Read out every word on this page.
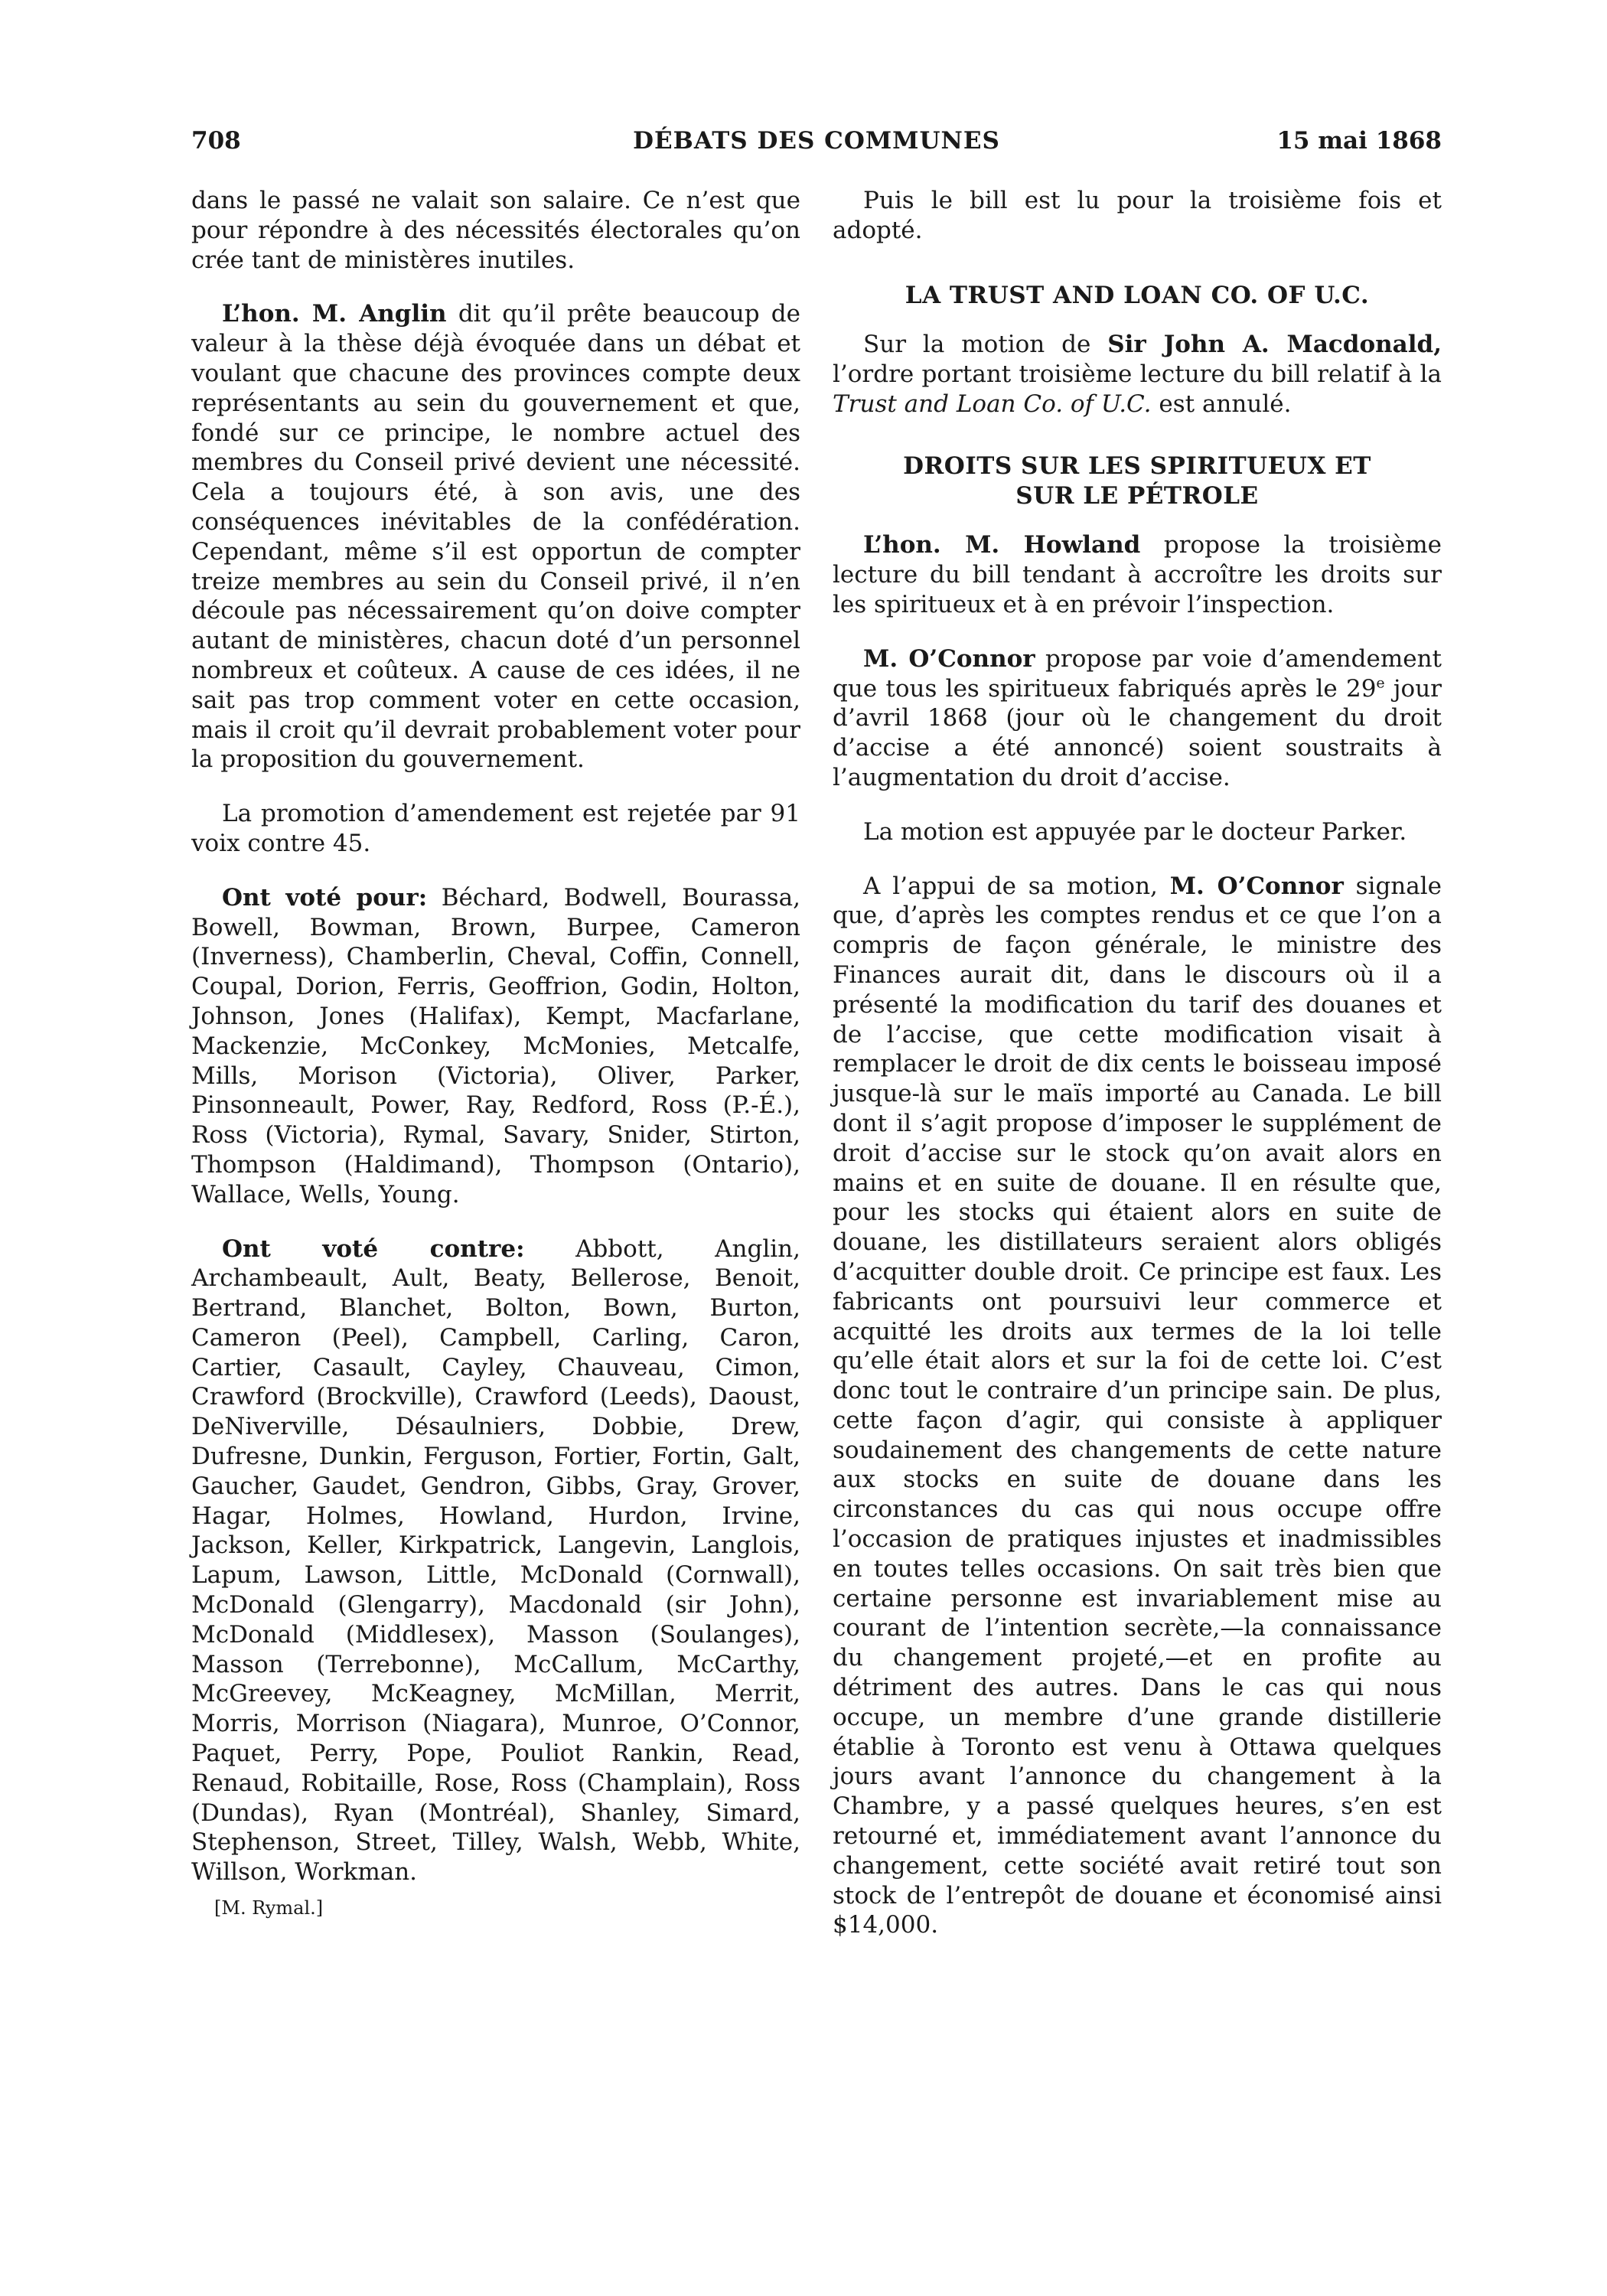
708	DÉBATS DES COMMUNES	15 mai 1868

dans le passé ne valait son salaire. Ce n’est que pour répondre à des nécessités électorales qu’on crée tant de ministères inutiles.

L’hon. M. Anglin dit qu’il prête beaucoup de valeur à la thèse déjà évoquée dans un débat et voulant que chacune des provinces compte deux représentants au sein du gouvernement et que, fondé sur ce principe, le nombre actuel des membres du Conseil privé devient une nécessité. Cela a toujours été, à son avis, une des conséquences inévitables de la confédération. Cependant, même s’il est opportun de compter treize membres au sein du Conseil privé, il n’en découle pas nécessairement qu’on doive compter autant de ministères, chacun doté d’un personnel nombreux et coûteux. A cause de ces idées, il ne sait pas trop comment voter en cette occasion, mais il croit qu’il devrait probablement voter pour la proposition du gouvernement.

La promotion d’amendement est rejetée par 91 voix contre 45.

Ont voté pour: Béchard, Bodwell, Bourassa, Bowell, Bowman, Brown, Burpee, Cameron (Inverness), Chamberlin, Cheval, Coffin, Connell, Coupal, Dorion, Ferris, Geoffrion, Godin, Holton, Johnson, Jones (Halifax), Kempt, Macfarlane, Mackenzie, McConkey, McMonies, Metcalfe, Mills, Morison (Victoria), Oliver, Parker, Pinsonneault, Power, Ray, Redford, Ross (P.-É.), Ross (Victoria), Rymal, Savary, Snider, Stirton, Thompson (Haldimand), Thompson (Ontario), Wallace, Wells, Young.

Ont voté contre: Abbott, Anglin, Archambeault, Ault, Beaty, Bellerose, Benoit, Bertrand, Blanchet, Bolton, Bown, Burton, Cameron (Peel), Campbell, Carling, Caron, Cartier, Casault, Cayley, Chauveau, Cimon, Crawford (Brockville), Crawford (Leeds), Daoust, DeNiverville, Désaulniers, Dobbie, Drew, Dufresne, Dunkin, Ferguson, Fortier, Fortin, Galt, Gaucher, Gaudet, Gendron, Gibbs, Gray, Grover, Hagar, Holmes, Howland, Hurdon, Irvine, Jackson, Keller, Kirkpatrick, Langevin, Langlois, Lapum, Lawson, Little, McDonald (Cornwall), McDonald (Glengarry), Macdonald (sir John), McDonald (Middlesex), Masson (Soulanges), Masson (Terrebonne), McCallum, McCarthy, McGreevey, McKeagney, McMillan, Merrit, Morris, Morrison (Niagara), Munroe, O’Connor, Paquet, Perry, Pope, Pouliot Rankin, Read, Renaud, Robitaille, Rose, Ross (Champlain), Ross (Dundas), Ryan (Montréal), Shanley, Simard, Stephenson, Street, Tilley, Walsh, Webb, White, Willson, Workman.

[M. Rymal.]

Puis le bill est lu pour la troisième fois et adopté.

LA TRUST AND LOAN CO. OF U.C.

Sur la motion de Sir John A. Macdonald, l’ordre portant troisième lecture du bill relatif à la Trust and Loan Co. of U.C. est annulé.

DROITS SUR LES SPIRITUEUX ET
SUR LE PÉTROLE

L’hon. M. Howland propose la troisième lecture du bill tendant à accroître les droits sur les spiritueux et à en prévoir l’inspection.

M. O’Connor propose par voie d’amendement que tous les spiritueux fabriqués après le 29e jour d’avril 1868 (jour où le changement du droit d’accise a été annoncé) soient soustraits à l’augmentation du droit d’accise.

La motion est appuyée par le docteur Parker.

A l’appui de sa motion, M. O’Connor signale que, d’après les comptes rendus et ce que l’on a compris de façon générale, le ministre des Finances aurait dit, dans le discours où il a présenté la modification du tarif des douanes et de l’accise, que cette modification visait à remplacer le droit de dix cents le boisseau imposé jusque-là sur le maïs importé au Canada. Le bill dont il s’agit propose d’imposer le supplément de droit d’accise sur le stock qu’on avait alors en mains et en suite de douane. Il en résulte que, pour les stocks qui étaient alors en suite de douane, les distillateurs seraient alors obligés d’acquitter double droit. Ce principe est faux. Les fabricants ont poursuivi leur commerce et acquitté les droits aux termes de la loi telle qu’elle était alors et sur la foi de cette loi. C’est donc tout le contraire d’un principe sain. De plus, cette façon d’agir, qui consiste à appliquer soudainement des changements de cette nature aux stocks en suite de douane dans les circonstances du cas qui nous occupe offre l’occasion de pratiques injustes et inadmissibles en toutes telles occasions. On sait très bien que certaine personne est invariablement mise au courant de l’intention secrète,—la connaissance du changement projeté,—et en profite au détriment des autres. Dans le cas qui nous occupe, un membre d’une grande distillerie établie à Toronto est venu à Ottawa quelques jours avant l’annonce du changement à la Chambre, y a passé quelques heures, s’en est retourné et, immédiatement avant l’annonce du changement, cette société avait retiré tout son stock de l’entrepôt de douane et économisé ainsi $14,000.
